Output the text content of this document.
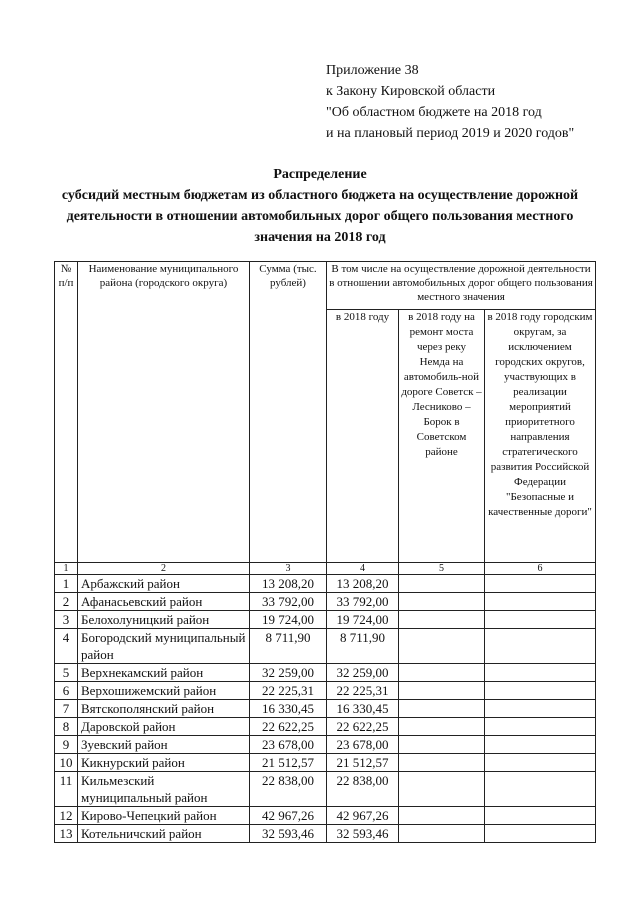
Приложение 38
к Закону Кировской области
"Об областном бюджете на 2018 год
и на плановый период 2019 и 2020 годов"
Распределение
субсидий местным бюджетам из областного бюджета на осуществление дорожной
деятельности в отношении автомобильных дорог общего пользования местного
значения на 2018 год
№ п/п	Наименование муниципального района (городского округа)	Сумма (тыс. рублей)	В том числе на осуществление дорожной деятельности в отношении автомобильных дорог общего пользования местного значения		
			в 2018 году	в 2018 году на ремонт моста через реку Немда на автомобиль-ной дороге Советск – Лесниково – Борок в Советском районе	в 2018 году городским округам, за исключением городских округов, участвующих в реализации мероприятий приоритетного направления стратегического развития Российской Федерации "Безопасные и качественные дороги"
1	2	3	4	5	6
1	Арбажский район	13 208,20	13 208,20		
2	Афанасьевский район	33 792,00	33 792,00		
3	Белохолуницкий район	19 724,00	19 724,00		
4	Богородский муниципальный район	8 711,90	8 711,90		
5	Верхнекамский район	32 259,00	32 259,00		
6	Верхошижемский район	22 225,31	22 225,31		
7	Вятскополянский район	16 330,45	16 330,45		
8	Даровской район	22 622,25	22 622,25		
9	Зуевский район	23 678,00	23 678,00		
10	Кикнурский район	21 512,57	21 512,57		
11	Кильмезский муниципальный район	22 838,00	22 838,00		
12	Кирово-Чепецкий район	42 967,26	42 967,26		
13	Котельничский район	32 593,46	32 593,46		
